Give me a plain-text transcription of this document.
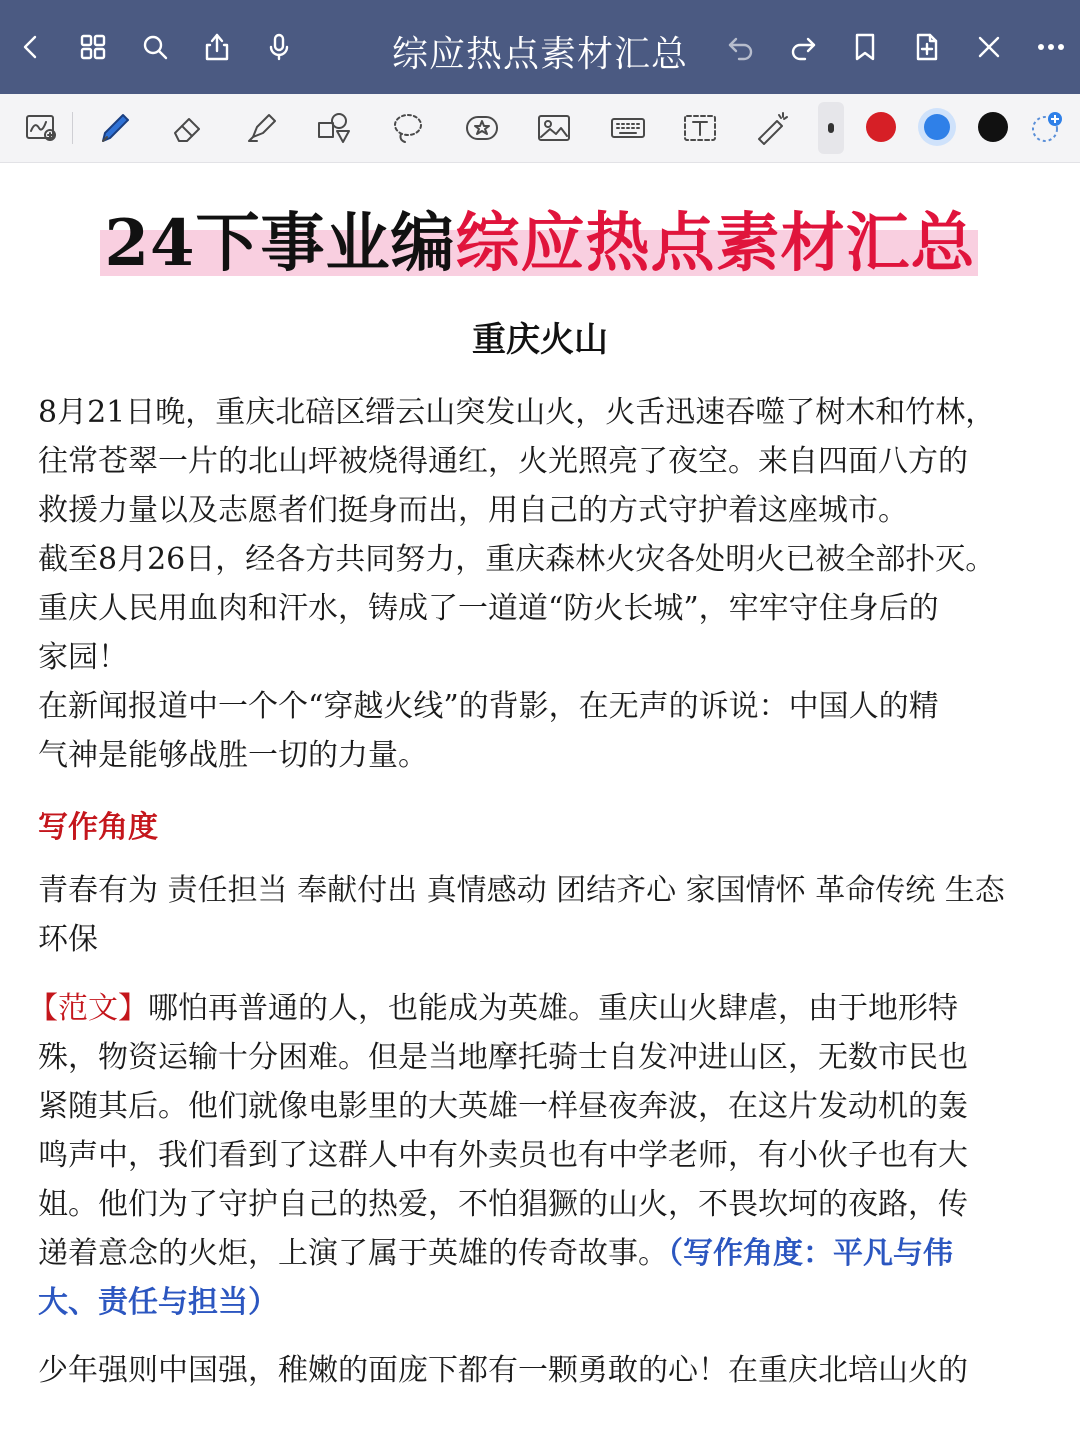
综应热点素材汇总
24下事业编综应热点素材汇总
重庆火山
8月21日晚，重庆北碚区缙云山突发山火，火舌迅速吞噬了树木和竹林，
往常苍翠一片的北山坪被烧得通红，火光照亮了夜空。来自四面八方的
救援力量以及志愿者们挺身而出，用自己的方式守护着这座城市。
截至8月26日，经各方共同努力，重庆森林火灾各处明火已被全部扑灭。
重庆人民用血肉和汗水，铸成了一道道“防火长城”，牢牢守住身后的
家园！
在新闻报道中一个个“穿越火线”的背影，在无声的诉说：中国人的精
气神是能够战胜一切的力量。
写作角度
青春有为 责任担当 奉献付出 真情感动 团结齐心 家国情怀 革命传统 生态
环保
【范文】哪怕再普通的人，也能成为英雄。重庆山火肆虐，由于地形特
殊，物资运输十分困难。但是当地摩托骑士自发冲进山区，无数市民也
紧随其后。他们就像电影里的大英雄一样昼夜奔波，在这片发动机的轰
鸣声中，我们看到了这群人中有外卖员也有中学老师，有小伙子也有大
姐。他们为了守护自己的热爱，不怕猖獗的山火，不畏坎坷的夜路，传
递着意念的火炬，上演了属于英雄的传奇故事。（写作角度：平凡与伟
大、责任与担当）
少年强则中国强，稚嫩的面庞下都有一颗勇敢的心！在重庆北培山火的
